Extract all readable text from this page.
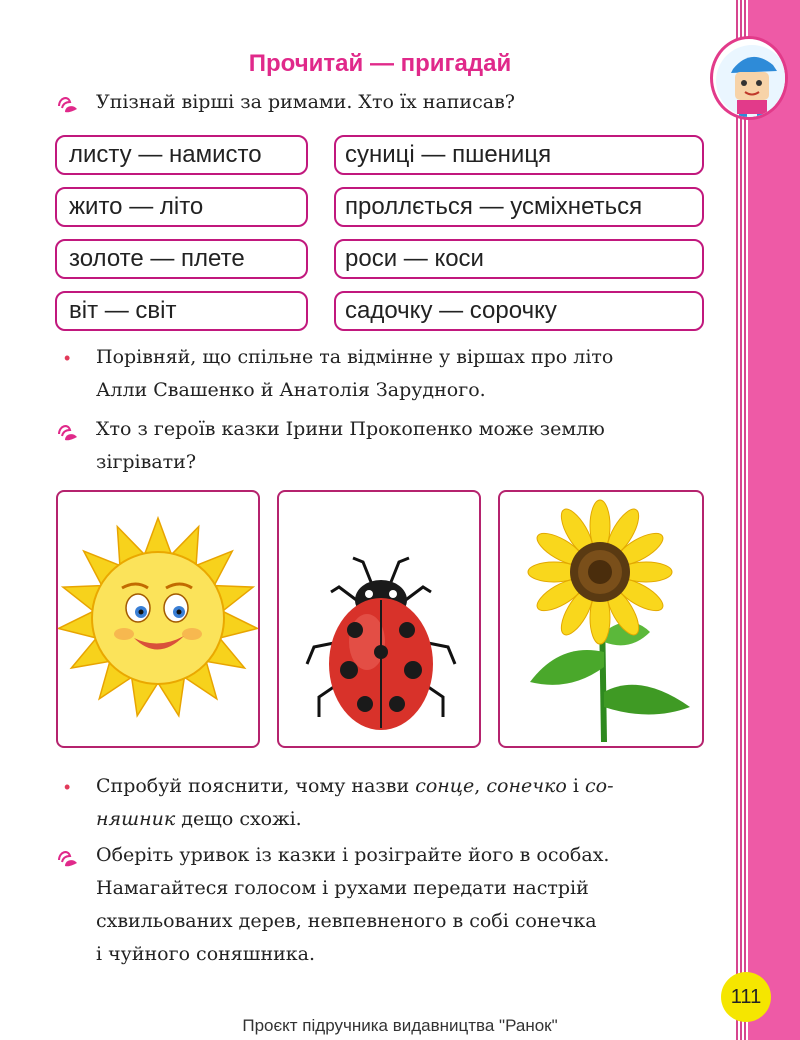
Прочитай — пригадай
Упізнай вірші за римами. Хто їх написав?
листу — намисто
жито — літо
золоте — плете
віт — світ
суниці — пшениця
проллється — усміхнеться
роси — коси
садочку — сорочку
• Порівняй, що спільне та відмінне у віршах про літо
Алли Свашенко й Анатолія Зарудного.
Хто з героїв казки Ірини Прокопенко може землю
зігрівати?
• Спробуй пояснити, чому назви сонце, сонечко і со-
няшник дещо схожі.
Оберіть уривок із казки і розіграйте його в особах.
Намагайтеся голосом і рухами передати настрій
схвильованих дерев, невпевненого в собі сонечка
і чуйного соняшника.
111
Проєкт підручника видавництва "Ранок"
